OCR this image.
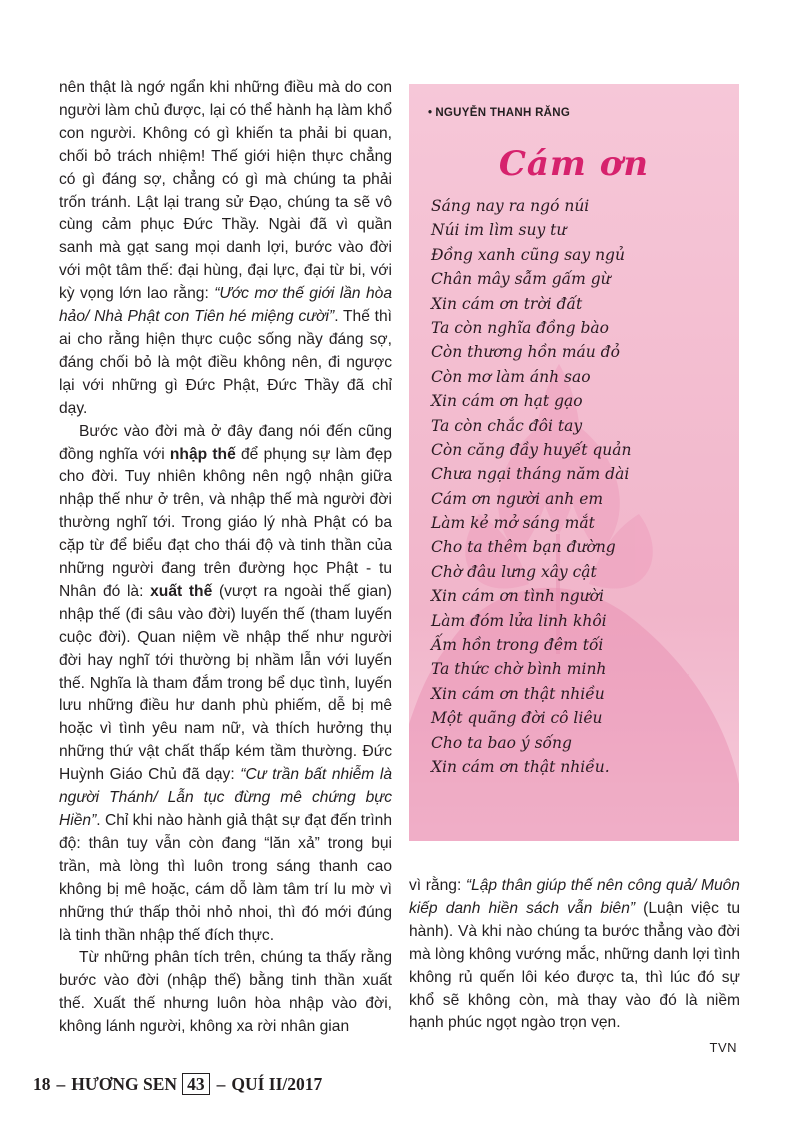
nên thật là ngớ ngẩn khi những điều mà do con người làm chủ được, lại có thể hành hạ làm khổ con người. Không có gì khiến ta phải bi quan, chối bỏ trách nhiệm! Thế giới hiện thực chẳng có gì đáng sợ, chẳng có gì mà chúng ta phải trốn tránh. Lật lại trang sử Đạo, chúng ta sẽ vô cùng cảm phục Đức Thầy. Ngài đã vì quần sanh mà gạt sang mọi danh lợi, bước vào đời với một tâm thế: đại hùng, đại lực, đại từ bi, với kỳ vọng lớn lao rằng: “Ước mơ thế giới lần hòa hảo/ Nhà Phật con Tiên hé miệng cười”. Thế thì ai cho rằng hiện thực cuộc sống nầy đáng sợ, đáng chối bỏ là một điều không nên, đi ngược lại với những gì Đức Phật, Đức Thầy đã chỉ dạy.

Bước vào đời mà ở đây đang nói đến cũng đồng nghĩa với nhập thế để phụng sự làm đẹp cho đời. Tuy nhiên không nên ngộ nhận giữa nhập thế như ở trên, và nhập thế mà người đời thường nghĩ tới. Trong giáo lý nhà Phật có ba cặp từ để biểu đạt cho thái độ và tinh thần của những người đang trên đường học Phật - tu Nhân đó là: xuất thế (vượt ra ngoài thế gian) nhập thế (đi sâu vào đời) luyến thế (tham luyến cuộc đời). Quan niệm về nhập thế như người đời hay nghĩ tới thường bị nhầm lẫn với luyến thế. Nghĩa là tham đắm trong bể dục tình, luyến lưu những điều hư danh phù phiếm, dễ bị mê hoặc vì tình yêu nam nữ, và thích hưởng thụ những thứ vật chất thấp kém tầm thường. Đức Huỳnh Giáo Chủ đã dạy: “Cư trần bất nhiễm là người Thánh/ Lẫn tục đừng mê chứng bực Hiền”. Chỉ khi nào hành giả thật sự đạt đến trình độ: thân tuy vẫn còn đang “lăn xả” trong bụi trần, mà lòng thì luôn trong sáng thanh cao không bị mê hoặc, cám dỗ làm tâm trí lu mờ vì những thứ thấp thỏi nhỏ nhoi, thì đó mới đúng là tinh thần nhập thế đích thực.

Từ những phân tích trên, chúng ta thấy rằng bước vào đời (nhập thế) bằng tinh thần xuất thế. Xuất thế nhưng luôn hòa nhập vào đời, không lánh người, không xa rời nhân gian

• NGUYỄN THANH RĂNG
Cám ơn
Sáng nay ra ngó núi
Núi im lìm suy tư
Đồng xanh cũng say ngủ
Chân mây sẫm gấm gừ
Xin cám ơn trời đất
Ta còn nghĩa đồng bào
Còn thương hồn máu đỏ
Còn mơ làm ánh sao
Xin cám ơn hạt gạo
Ta còn chắc đôi tay
Còn căng đầy huyết quản
Chưa ngại tháng năm dài
Cám ơn người anh em
Làm kẻ mở sáng mắt
Cho ta thêm bạn đường
Chờ đâu lưng xây cật
Xin cám ơn tình người
Làm đóm lửa linh khôi
Ấm hồn trong đêm tối
Ta thức chờ bình minh
Xin cám ơn thật nhiều
Một quãng đời cô liêu
Cho ta bao ý sống
Xin cám ơn thật nhiều.

vì rằng: “Lập thân giúp thế nên công quả/ Muôn kiếp danh hiền sách vẫn biên” (Luận việc tu hành). Và khi nào chúng ta bước thẳng vào đời mà lòng không vướng mắc, những danh lợi tình không rủ quến lôi kéo được ta, thì lúc đó sự khổ sẽ không còn, mà thay vào đó là niềm hạnh phúc ngọt ngào trọn vẹn.

TVN
18 – HƯƠNG SEN 43 – QUÍ II/2017
